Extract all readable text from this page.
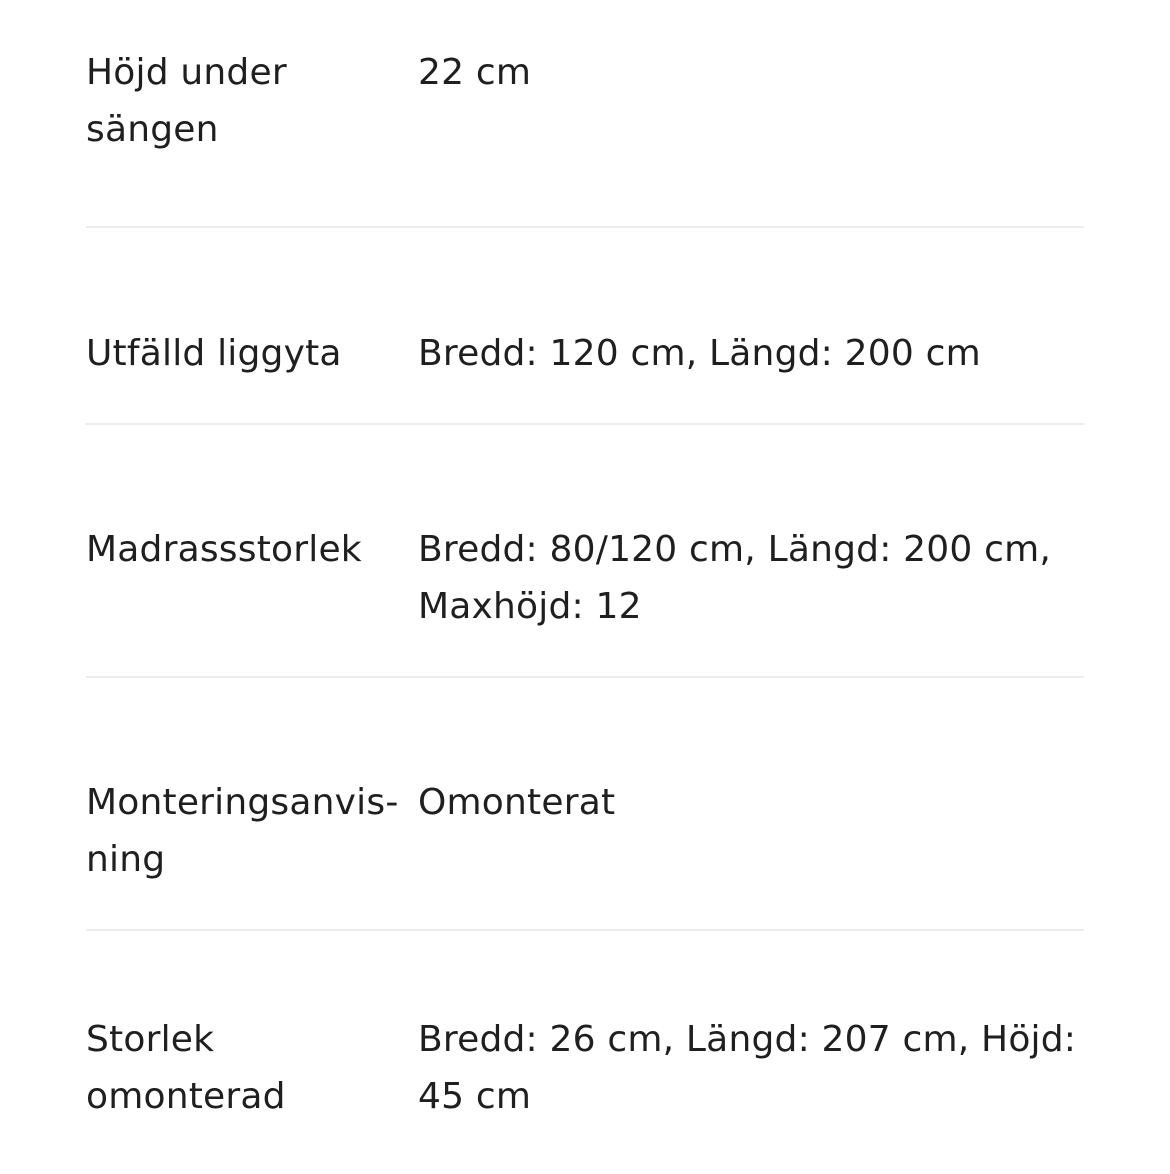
Höjd under
sängen
22 cm
Utfälld liggyta	Bredd: 120 cm, Längd: 200 cm
Madrassstorlek	Bredd: 80/120 cm, Längd: 200 cm,
Maxhöjd: 12
Monteringsanvis-
ning
Omonterat
Storlek
omonterad
Bredd: 26 cm, Längd: 207 cm, Höjd:
45 cm
